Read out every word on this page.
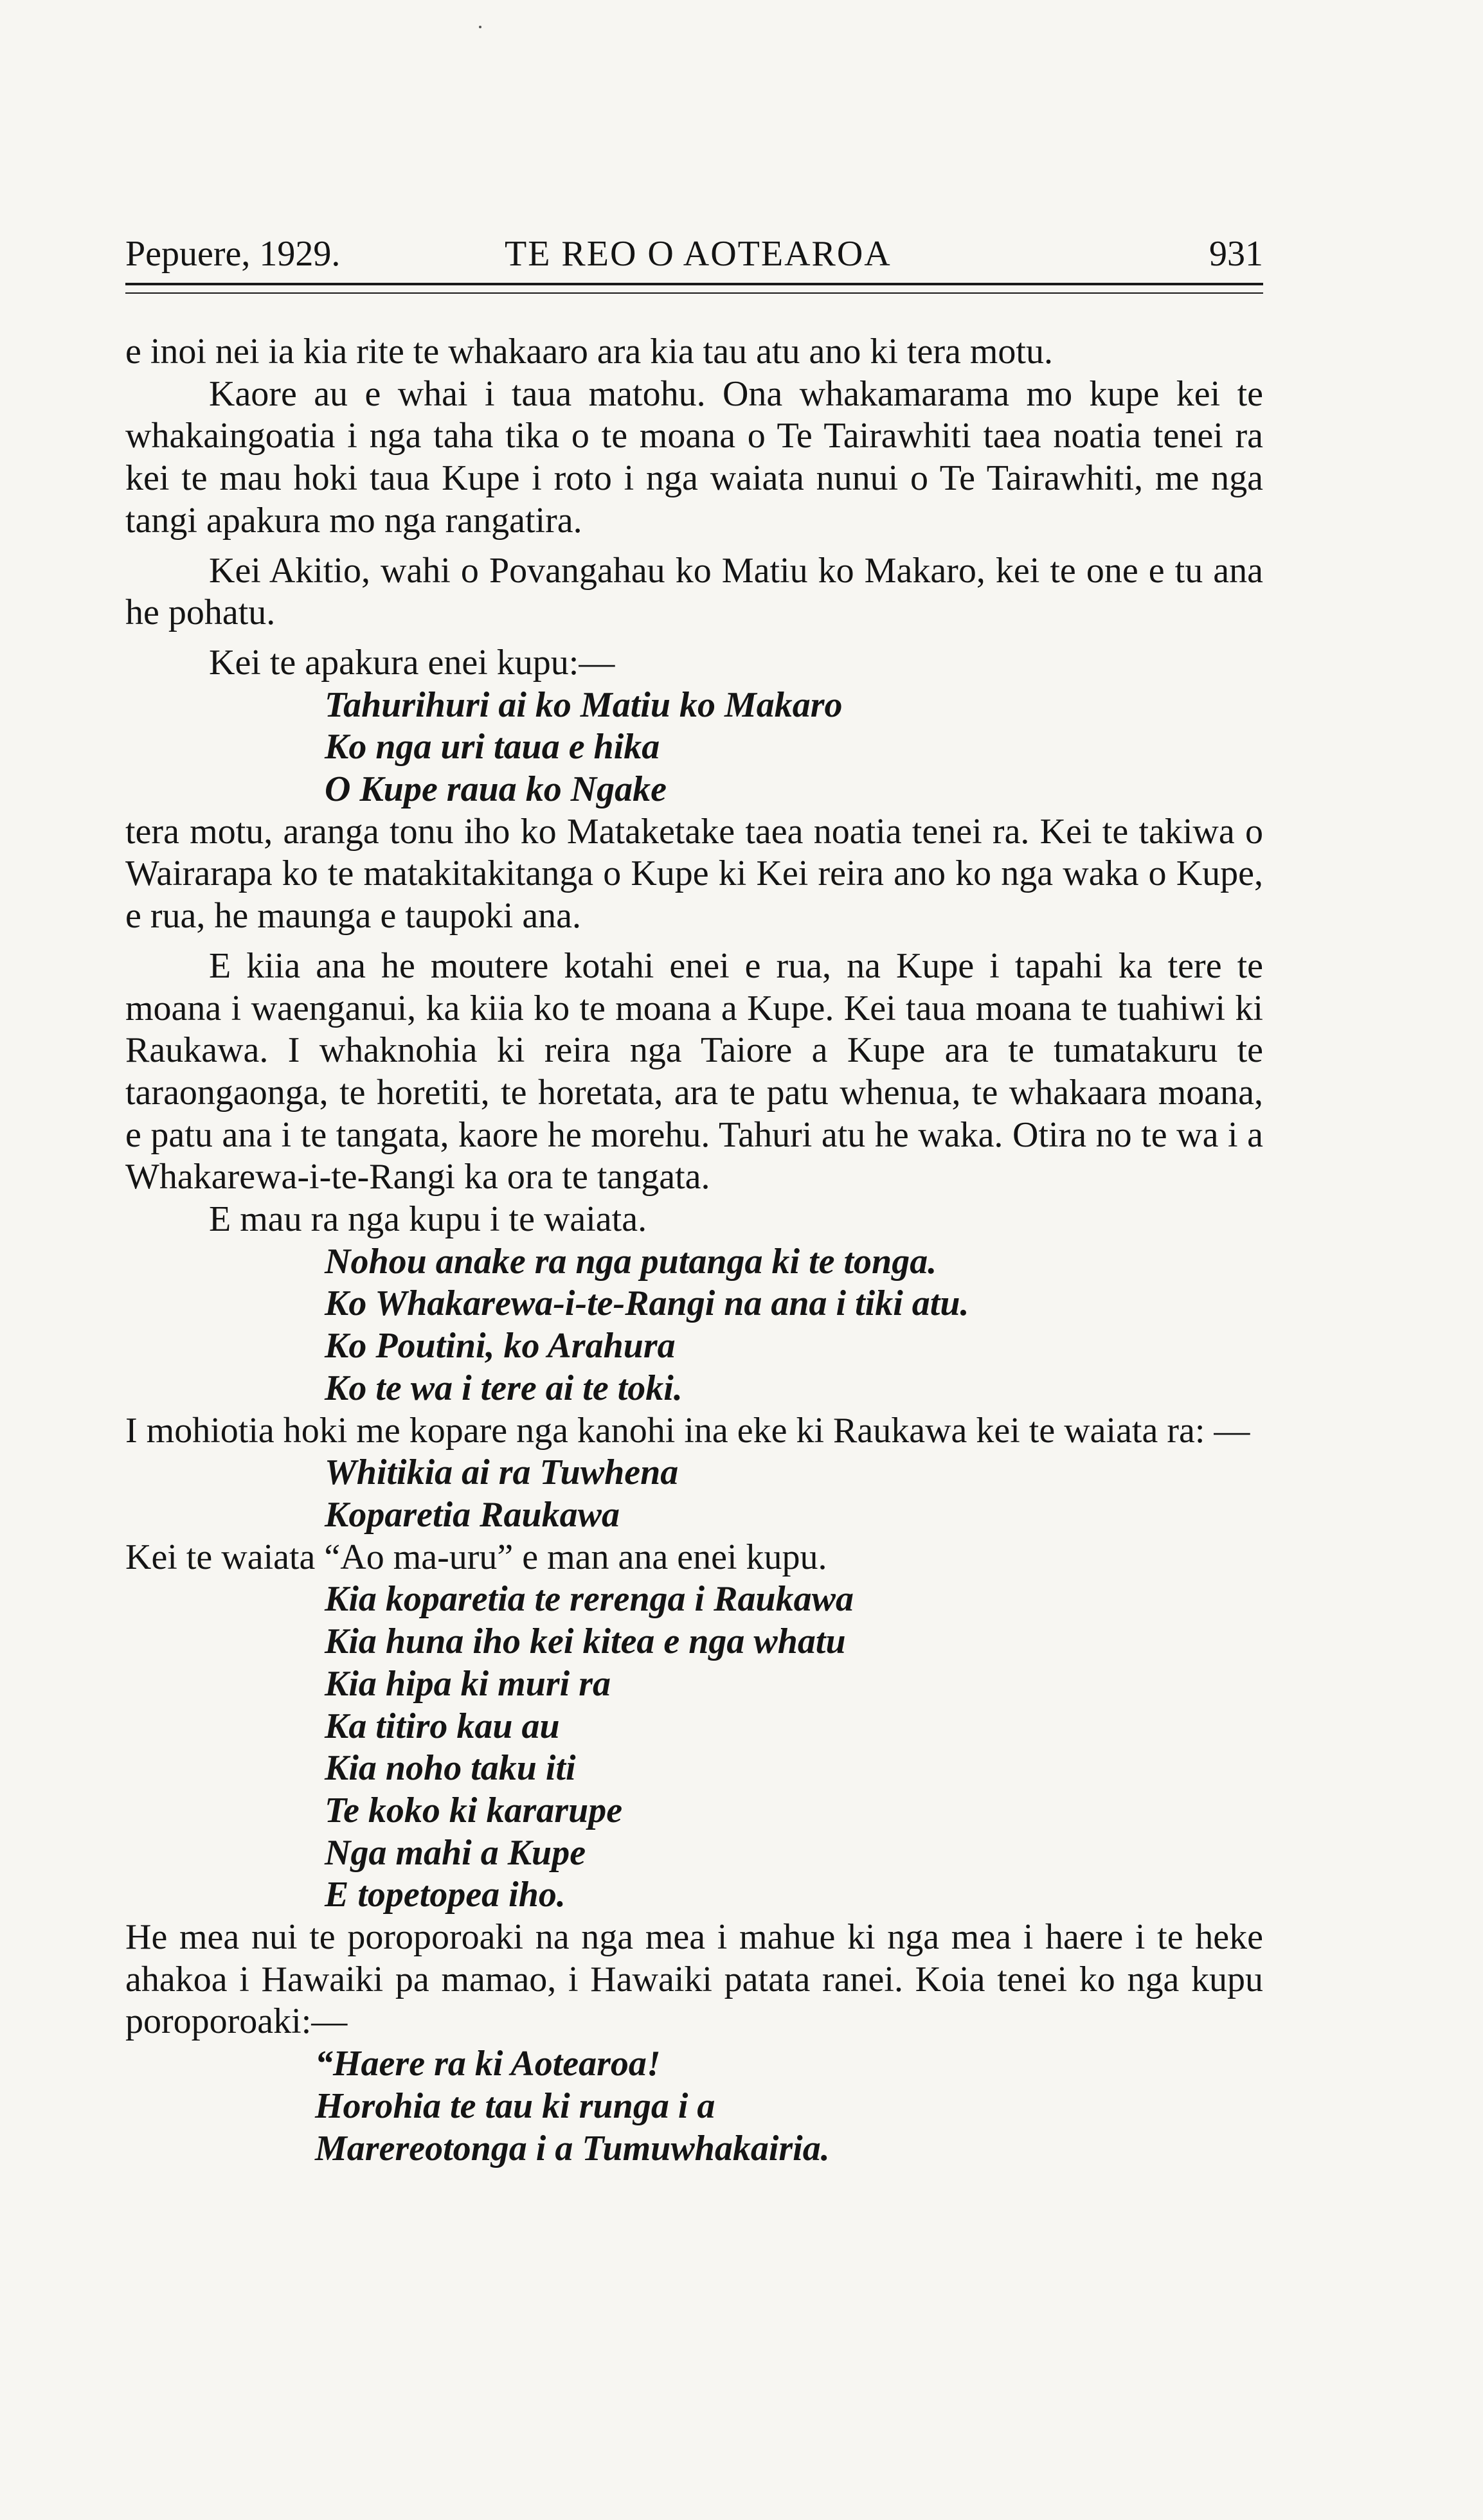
Pepuere, 1929.	TE REO O AOTEAROA	931

e inoi nei ia kia rite te whakaaro ara kia tau atu ano ki tera motu.

Kaore au e whai i taua matohu. Ona whakamarama mo kupe kei te whakaingoatia i nga taha tika o te moana o Te Tairawhiti taea noatia tenei ra kei te mau hoki taua Kupe i roto i nga waiata nunui o Te Tairawhiti, me nga tangi apakura mo nga rangatira.

Kei Akitio, wahi o Povangahau ko Matiu ko Makaro, kei te one e tu ana he pohatu.

Kei te apakura enei kupu:—

Tahurihuri ai ko Matiu ko Makaro
Ko nga uri taua e hika
O Kupe raua ko Ngake

tera motu, aranga tonu iho ko Mataketake taea noatia tenei ra. Kei te takiwa o Wairarapa ko te matakitakitanga o Kupe ki Kei reira ano ko nga waka o Kupe, e rua, he maunga e taupoki ana.

E kiia ana he moutere kotahi enei e rua, na Kupe i tapahi ka tere te moana i waenganui, ka kiia ko te moana a Kupe. Kei taua moana te tuahiwi ki Raukawa. I whaknohia ki reira nga Taiore a Kupe ara te tumatakuru te taraongaonga, te horetiti, te horetata, ara te patu whenua, te whakaara moana, e patu ana i te tangata, kaore he morehu. Tahuri atu he waka. Otira no te wa i a Whakarewa-i-te-Rangi ka ora te tangata.

E mau ra nga kupu i te waiata.

Nohou anake ra nga putanga ki te tonga.
Ko Whakarewa-i-te-Rangi na ana i tiki atu.
Ko Poutini, ko Arahura
Ko te wa i tere ai te toki.

I mohiotia hoki me kopare nga kanohi ina eke ki Raukawa kei te waiata ra: —

Whitikia ai ra Tuwhena
Koparetia Raukawa

Kei te waiata “Ao ma-uru” e man ana enei kupu.

Kia koparetia te rerenga i Raukawa
Kia huna iho kei kitea e nga whatu
Kia hipa ki muri ra
Ka titiro kau au
Kia noho taku iti
Te koko ki kararupe
Nga mahi a Kupe
E topetopea iho.

He mea nui te poroporoaki na nga mea i mahue ki nga mea i haere i te heke ahakoa i Hawaiki pa mamao, i Hawaiki patata ranei. Koia tenei ko nga kupu poroporoaki:—

“Haere ra ki Aotearoa!
Horohia te tau ki runga i a
Marereotonga i a Tumuwhakairia.
